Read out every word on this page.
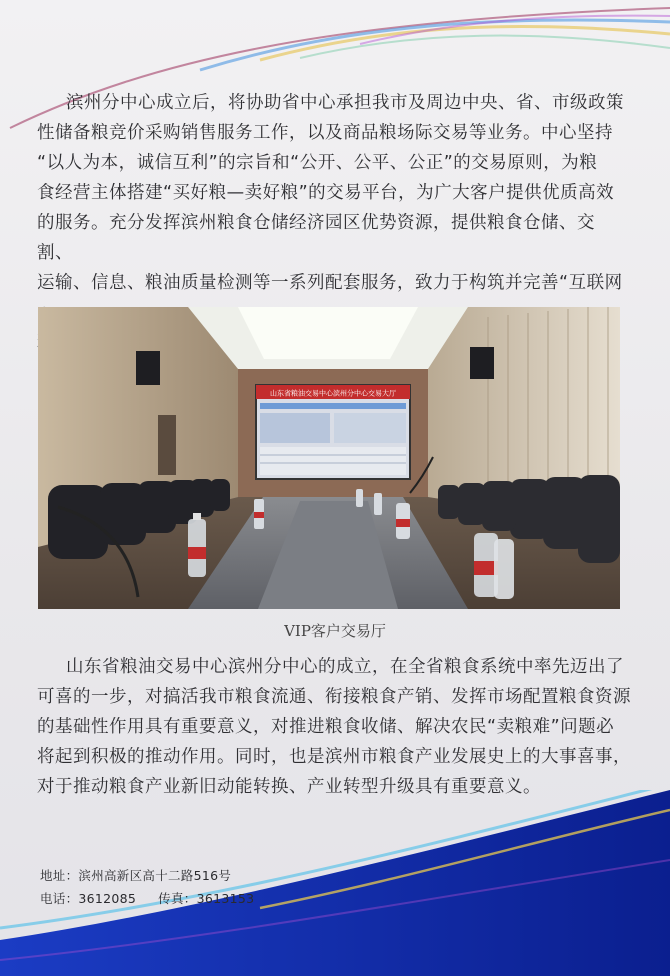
滨州分中心成立后，将协助省中心承担我市及周边中央、省、市级政策
性储备粮竞价采购销售服务工作，以及商品粮场际交易等业务。中心坚持
“以人为本，诚信互利”的宗旨和“公开、公平、公正”的交易原则，为粮
食经营主体搭建“买好粮—卖好粮”的交易平台，为广大客户提供优质高效
的服务。充分发挥滨州粮食仓储经济园区优势资源，提供粮食仓储、交割、
运输、信息、粮油质量检测等一系列配套服务，致力于构筑并完善“互联网

山东省粮油交易中心滨州分中心交易大厅
VIP客户交易厅

山东省粮油交易中心滨州分中心的成立，在全省粮食系统中率先迈出了
可喜的一步，对搞活我市粮食流通、衔接粮食产销、发挥市场配置粮食资源
的基础性作用具有重要意义，对推进粮食收储、解决农民“卖粮难”问题必
将起到积极的推动作用。同时，也是滨州市粮食产业发展史上的大事喜事，
对于推动粮食产业新旧动能转换、产业转型升级具有重要意义。

地址：滨州高新区高十二路516号
电话：3612085 传真：3613153
